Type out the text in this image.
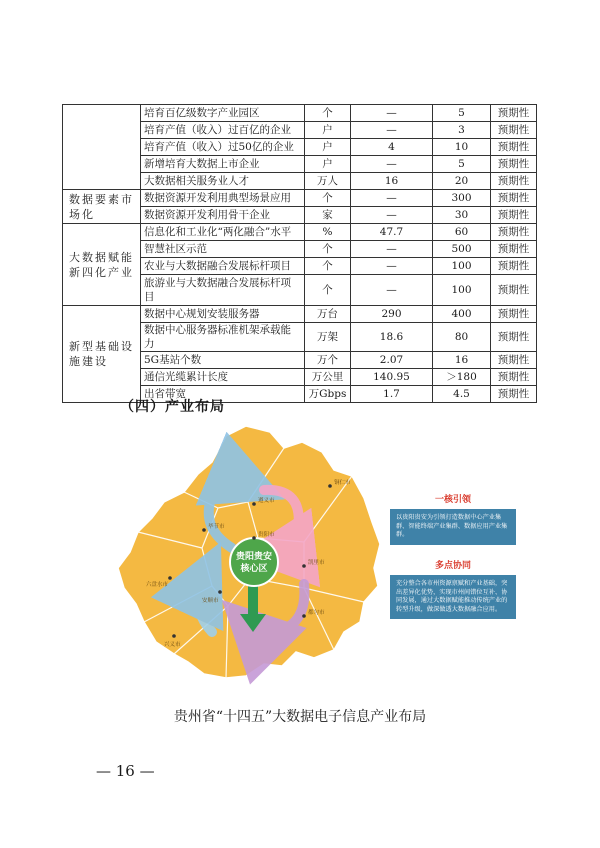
	培育百亿级数字产业园区	个	—	5	预期性
	培育产值（收入）过百亿的企业	户	—	3	预期性
	培育产值（收入）过50亿的企业	户	4	10	预期性
	新增培育大数据上市企业	户	—	5	预期性
	大数据相关服务业人才	万人	16	20	预期性
数据要素市场化	数据资源开发利用典型场景应用	个	—	300	预期性
	数据资源开发利用骨干企业	家	—	30	预期性
大数据赋能新四化产业	信息化和工业化“两化融合”水平	%	47.7	60	预期性
	智慧社区示范	个	—	500	预期性
	农业与大数据融合发展标杆项目	个	—	100	预期性
	旅游业与大数据融合发展标杆项目	个	—	100	预期性
新型基础设施建设	数据中心规划安装服务器	万台	290	400	预期性
	数据中心服务器标准机架承载能力	万架	18.6	80	预期性
	5G基站个数	万个	2.07	16	预期性
	通信光缆累计长度	万公里	140.95	＞180	预期性
	出省带宽	万Gbps	1.7	4.5	预期性
（四）产业布局
贵阳贵安
核心区
遵义市
铜仁市
毕节市
贵阳市
凯里市
六盘水市
安顺市
都匀市
兴义市
一核引领
以贵阳贵安为引领打造数据中心产业集群、智能终端产业集群、数据应用产业集群。
多点协同
充分整合各市州资源禀赋和产业基础，突出差异化优势，实现市州间错位互补、协同发展，通过大数据赋能推动传统产业的转型升级，做深做透大数据融合应用。
贵州省“十四五”大数据电子信息产业布局
— 16 —
